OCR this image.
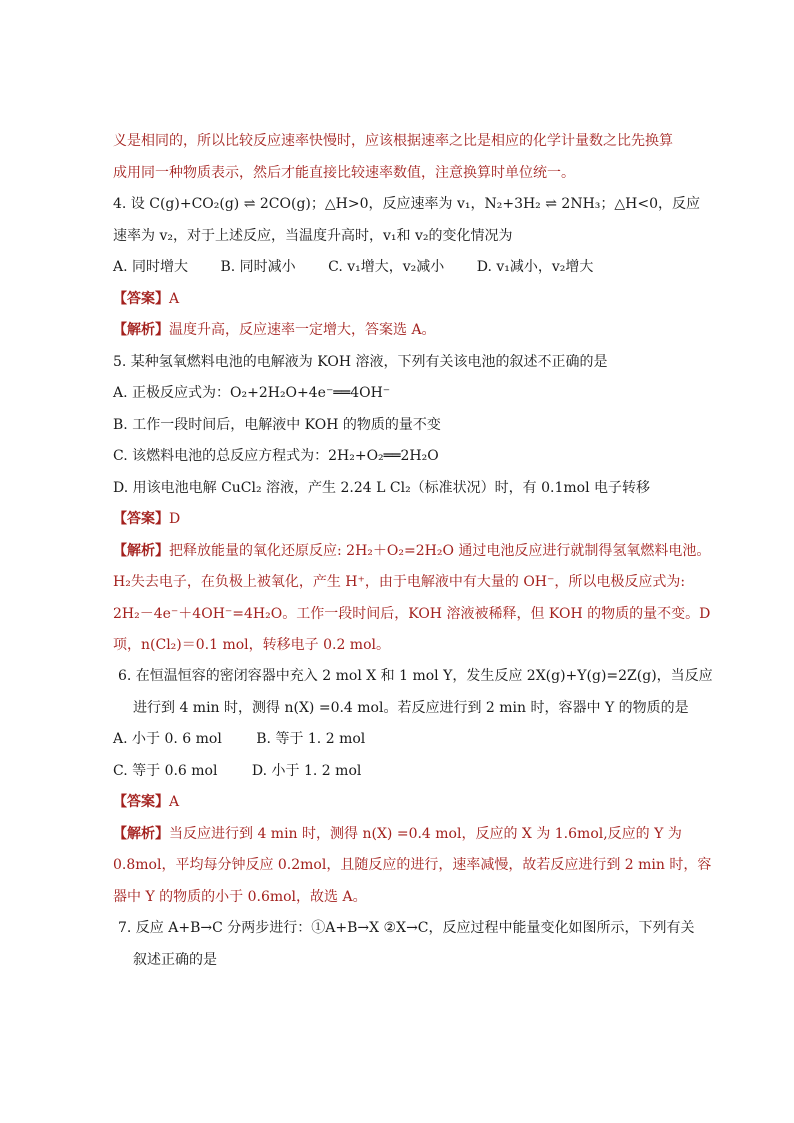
义是相同的，所以比较反应速率快慢时，应该根据速率之比是相应的化学计量数之比先换算
成用同一种物质表示，然后才能直接比较速率数值，注意换算时单位统一。
4. 设 C(g)+CO₂(g) ⇌ 2CO(g)；△H>0，反应速率为 v₁，N₂+3H₂ ⇌ 2NH₃；△H<0，反应
速率为 v₂，对于上述反应，当温度升高时，v₁和 v₂的变化情况为
A. 同时增大 B. 同时减小 C. v₁增大，v₂减小 D. v₁减小，v₂增大
【答案】A
【解析】温度升高，反应速率一定增大，答案选 A。
5. 某种氢氧燃料电池的电解液为 KOH 溶液，下列有关该电池的叙述不正确的是
A. 正极反应式为：O₂+2H₂O+4e⁻══4OH⁻
B. 工作一段时间后，电解液中 KOH 的物质的量不变
C. 该燃料电池的总反应方程式为：2H₂+O₂══2H₂O
D. 用该电池电解 CuCl₂ 溶液，产生 2.24 L Cl₂（标准状况）时，有 0.1mol 电子转移
【答案】D
【解析】把释放能量的氧化还原反应: 2H₂＋O₂=2H₂O 通过电池反应进行就制得氢氧燃料电池。
H₂失去电子，在负极上被氧化，产生 H⁺，由于电解液中有大量的 OH⁻，所以电极反应式为:
2H₂－4e⁻＋4OH⁻=4H₂O。工作一段时间后，KOH 溶液被稀释，但 KOH 的物质的量不变。D
项，n(Cl₂)＝0.1 mol，转移电子 0.2 mol。
6. 在恒温恒容的密闭容器中充入 2 mol X 和 1 mol Y，发生反应 2X(g)+Y(g)=2Z(g)，当反应
进行到 4 min 时，测得 n(X) =0.4 mol。若反应进行到 2 min 时，容器中 Y 的物质的是
A. 小于 0. 6 mol B. 等于 1. 2 mol
C. 等于 0.6 mol D. 小于 1. 2 mol
【答案】A
【解析】当反应进行到 4 min 时，测得 n(X) =0.4 mol，反应的 X 为 1.6mol,反应的 Y 为
0.8mol，平均每分钟反应 0.2mol，且随反应的进行，速率减慢，故若反应进行到 2 min 时，容
器中 Y 的物质的小于 0.6mol，故选 A。
7. 反应 A+B→C 分两步进行：①A+B→X ②X→C，反应过程中能量变化如图所示，下列有关
叙述正确的是
